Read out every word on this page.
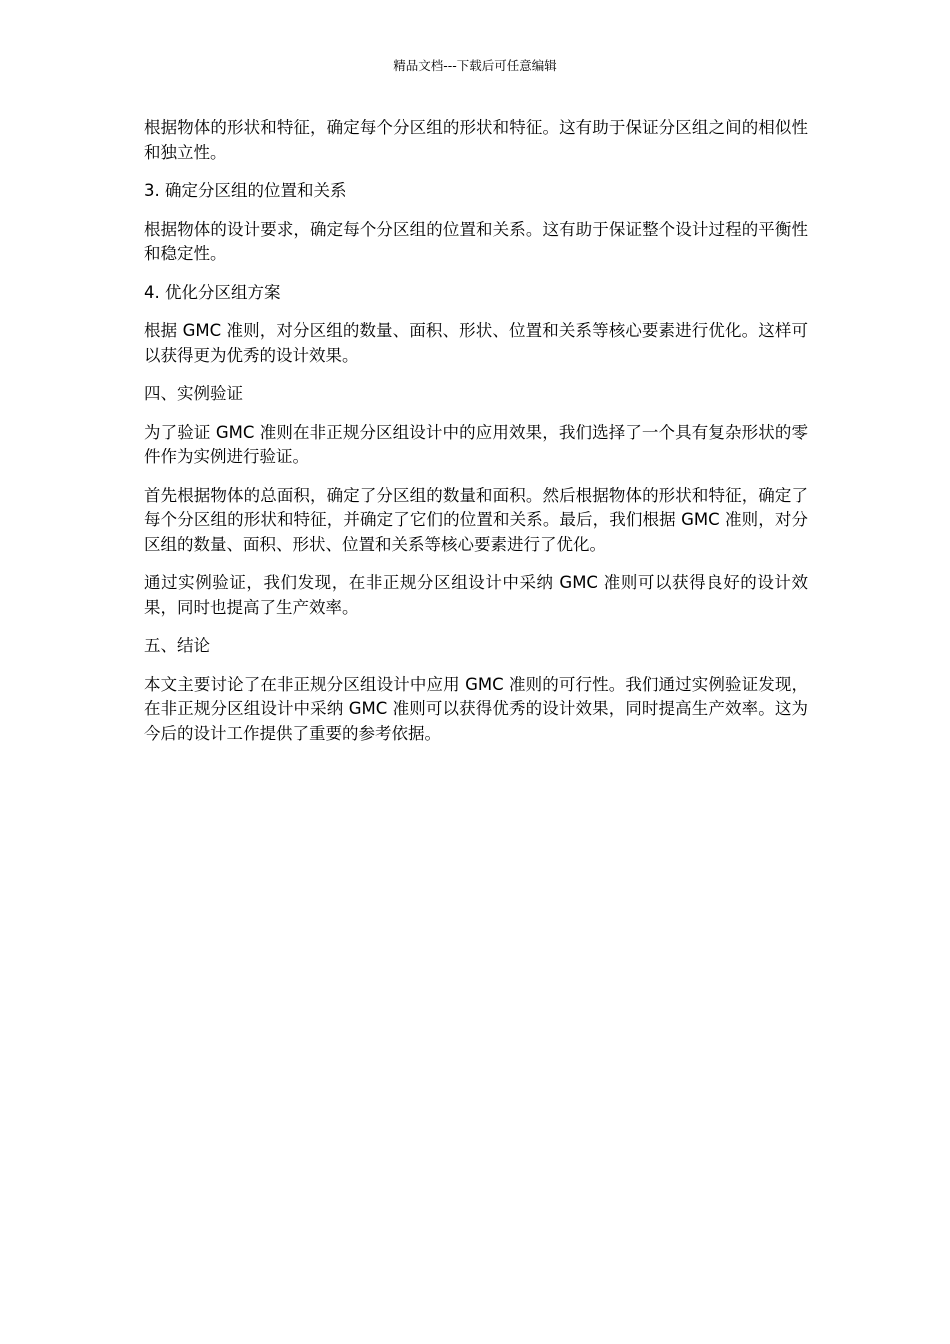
精品文档---下载后可任意编辑

根据物体的形状和特征，确定每个分区组的形状和特征。这有助于保证分区组之间的相似性和独立性。

3. 确定分区组的位置和关系

根据物体的设计要求，确定每个分区组的位置和关系。这有助于保证整个设计过程的平衡性和稳定性。

4. 优化分区组方案

根据 GMC 准则，对分区组的数量、面积、形状、位置和关系等核心要素进行优化。这样可以获得更为优秀的设计效果。

四、实例验证

为了验证 GMC 准则在非正规分区组设计中的应用效果，我们选择了一个具有复杂形状的零件作为实例进行验证。

首先根据物体的总面积，确定了分区组的数量和面积。然后根据物体的形状和特征，确定了每个分区组的形状和特征，并确定了它们的位置和关系。最后，我们根据 GMC 准则，对分区组的数量、面积、形状、位置和关系等核心要素进行了优化。

通过实例验证，我们发现，在非正规分区组设计中采纳 GMC 准则可以获得良好的设计效果，同时也提高了生产效率。

五、结论

本文主要讨论了在非正规分区组设计中应用 GMC 准则的可行性。我们通过实例验证发现，在非正规分区组设计中采纳 GMC 准则可以获得优秀的设计效果，同时提高生产效率。这为今后的设计工作提供了重要的参考依据。
